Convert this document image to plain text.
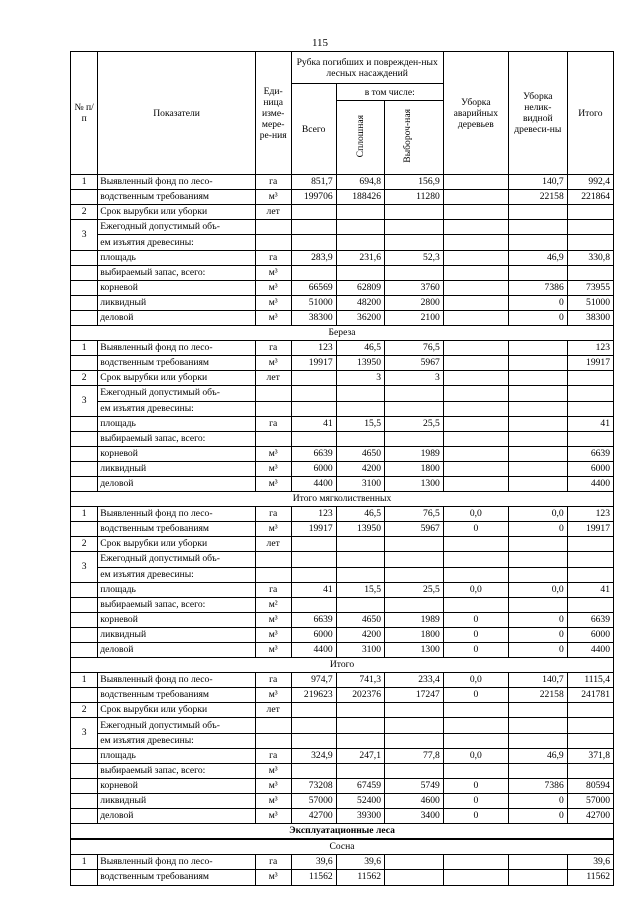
115
№ п/п	Показатели	Еди-ница изме-мере-ре-ния	Рубка погибших и поврежден-ных лесных насаждений			Уборка аварийных деревьев	Уборка нелик-видной древеси-ны	Итого
			Всего	в том числе:				
				Сплошная	Выбороч-ная			
1	Выявленный фонд по лесо-	га	851,7	694,8	156,9		140,7	992,4
	водственным требованиям	м³	199706	188426	11280		22158	221864
2	Срок вырубки или уборки	лет						
3	Ежегодный допустимый объ-							
	ем изъятия древесины:							
	площадь	га	283,9	231,6	52,3		46,9	330,8
	выбираемый запас, всего:	м³						
	корневой	м³	66569	62809	3760		7386	73955
	ликвидный	м³	51000	48200	2800		0	51000
	деловой	м³	38300	36200	2100		0	38300
Береза								
1	Выявленный фонд по лесо-	га	123	46,5	76,5			123
	водственным требованиям	м³	19917	13950	5967			19917
2	Срок вырубки или уборки	лет		3	3			
3	Ежегодный допустимый объ-							
	ем изъятия древесины:							
	площадь	га	41	15,5	25,5			41
	выбираемый запас, всего:							
	корневой	м³	6639	4650	1989			6639
	ликвидный	м³	6000	4200	1800			6000
	деловой	м³	4400	3100	1300			4400
Итого мягколиственных								
1	Выявленный фонд по лесо-	га	123	46,5	76,5	0,0	0,0	123
	водственным требованиям	м³	19917	13950	5967	0	0	19917
2	Срок вырубки или уборки	лет						
3	Ежегодный допустимый объ-							
	ем изъятия древесины:							
	площадь	га	41	15,5	25,5	0,0	0,0	41
	выбираемый запас, всего:	м²						
	корневой	м³	6639	4650	1989	0	0	6639
	ликвидный	м³	6000	4200	1800	0	0	6000
	деловой	м³	4400	3100	1300	0	0	4400
Итого								
1	Выявленный фонд по лесо-	га	974,7	741,3	233,4	0,0	140,7	1115,4
	водственным требованиям	м³	219623	202376	17247	0	22158	241781
2	Срок вырубки или уборки	лет						
3	Ежегодный допустимый объ-							
	ем изъятия древесины:							
	площадь	га	324,9	247,1	77,8	0,0	46,9	371,8
	выбираемый запас, всего:	м³						
	корневой	м³	73208	67459	5749	0	7386	80594
	ликвидный	м³	57000	52400	4600	0	0	57000
	деловой	м³	42700	39300	3400	0	0	42700
Эксплуатационные леса								
Сосна								
1	Выявленный фонд по лесо-	га	39,6	39,6				39,6
	водственным требованиям	м³	11562	11562				11562
